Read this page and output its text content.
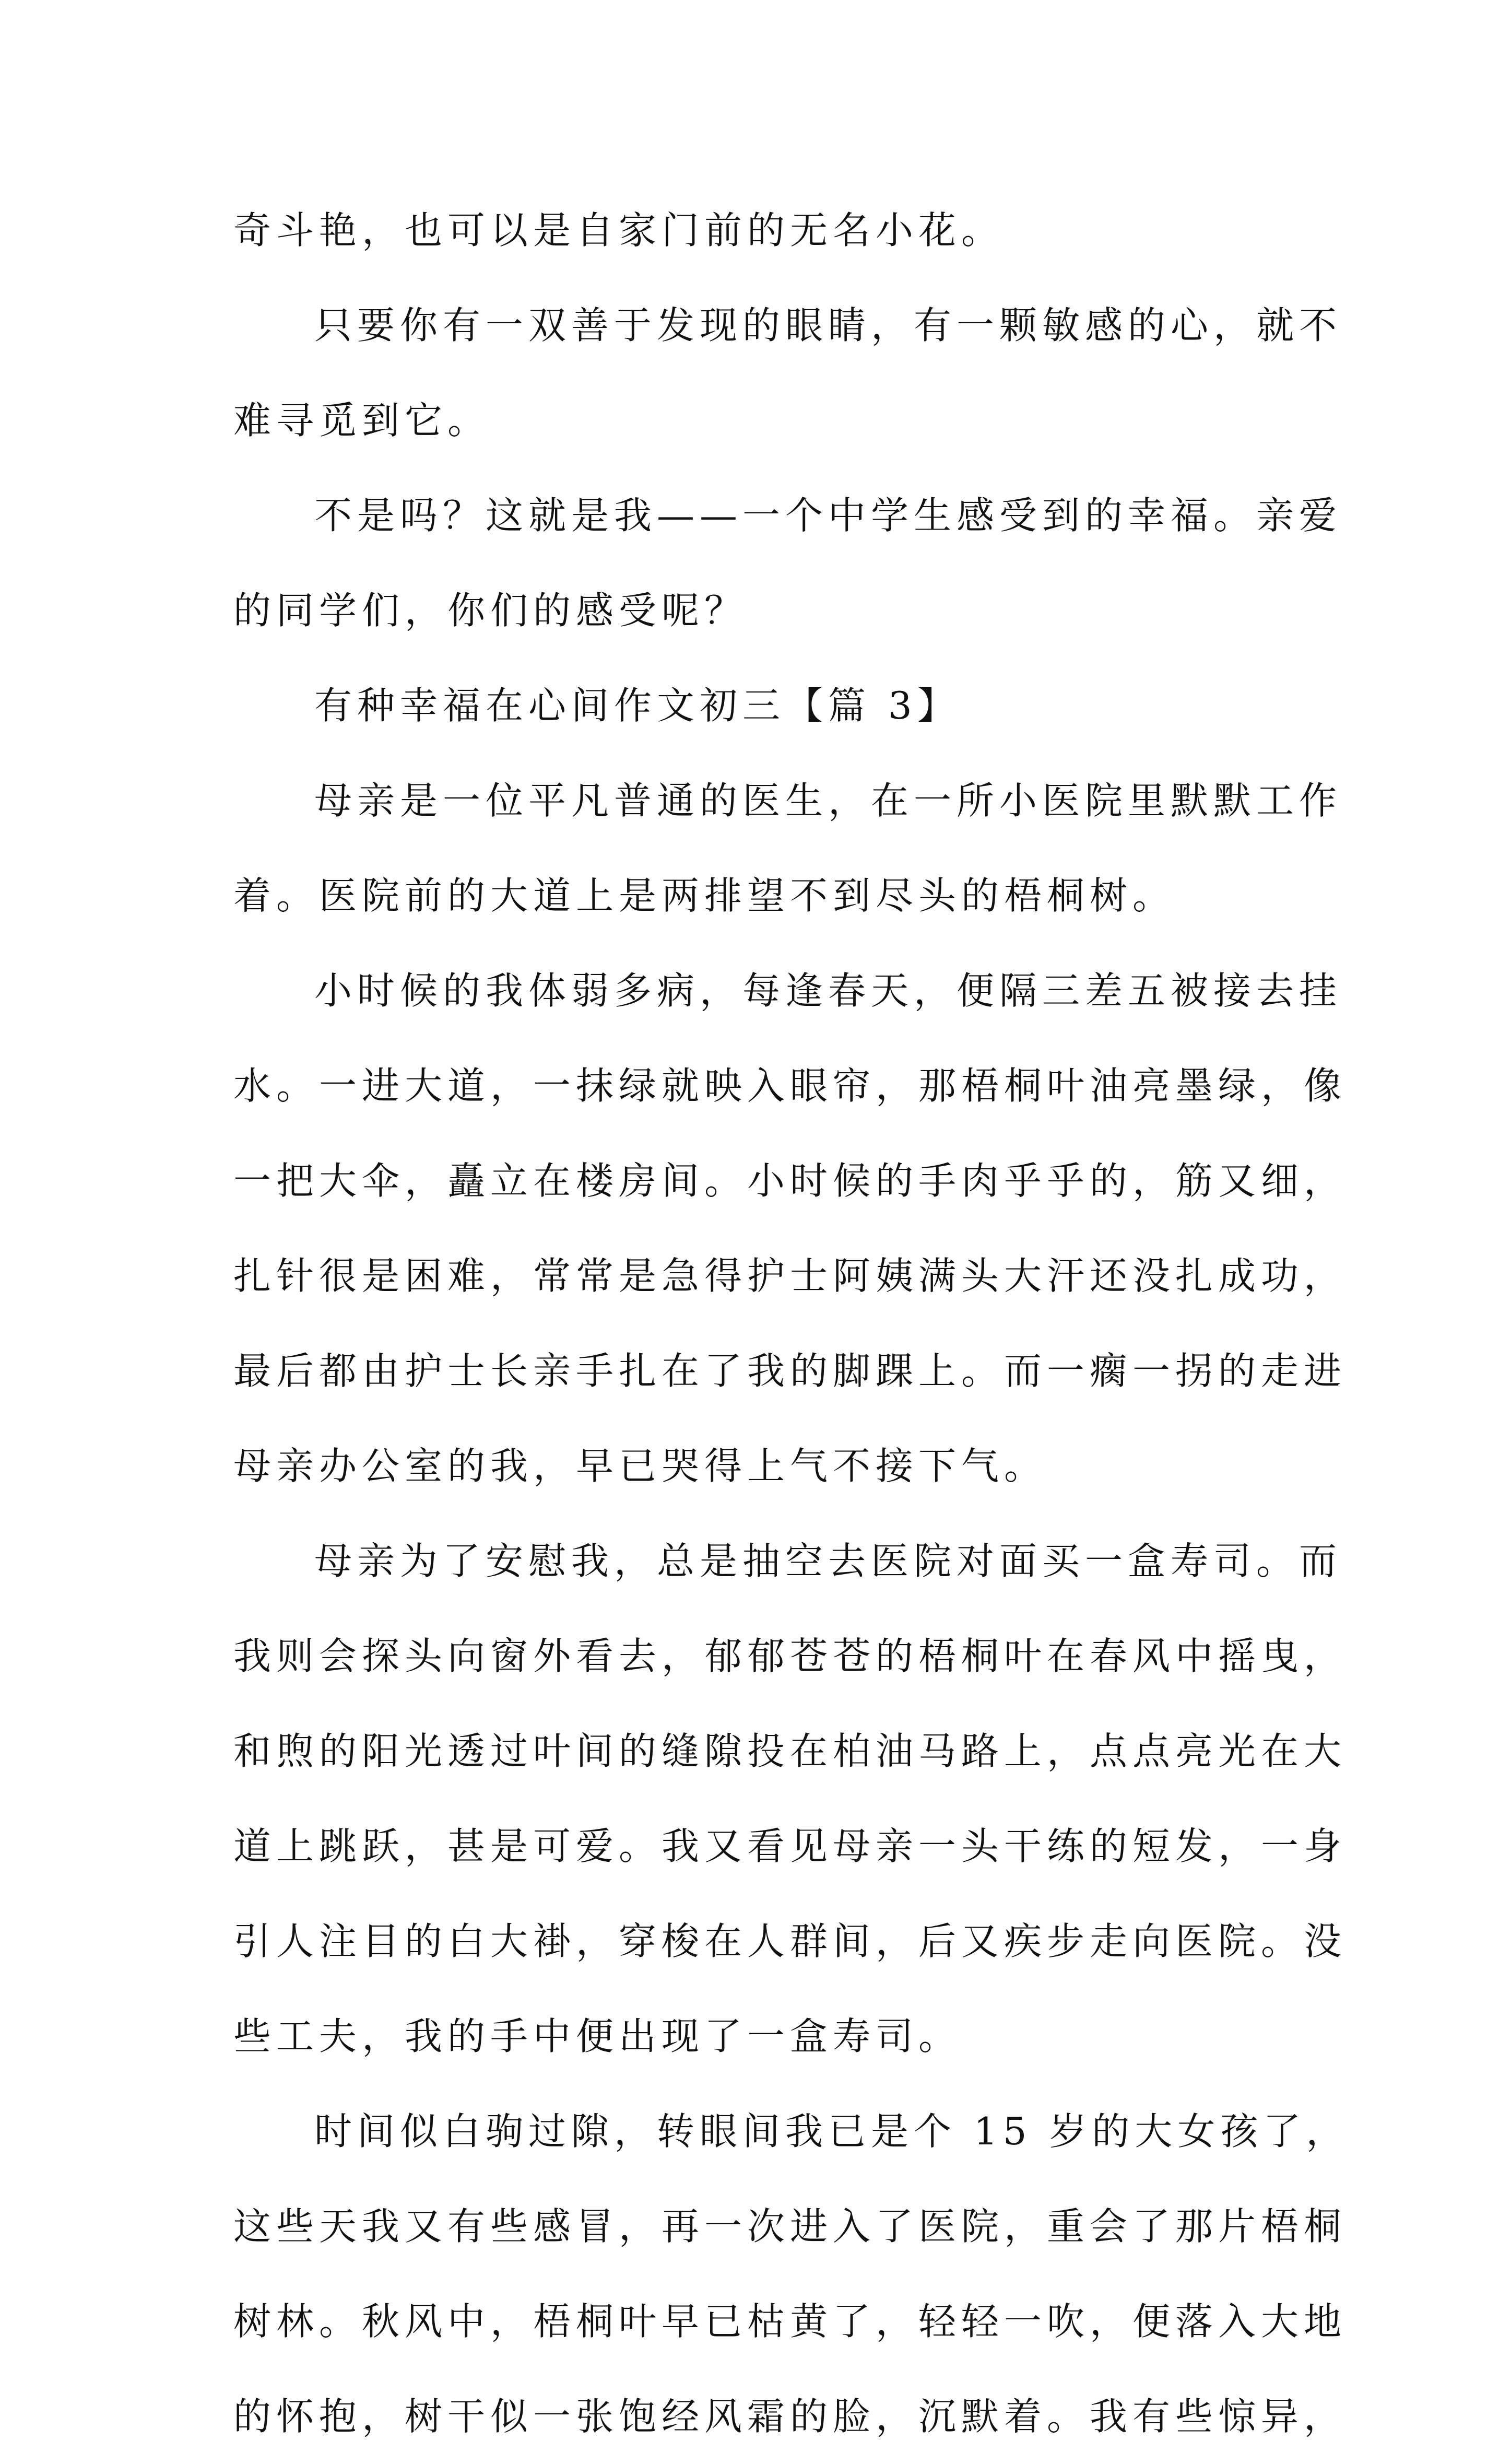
奇斗艳，也可以是自家门前的无名小花。
只要你有一双善于发现的眼睛，有一颗敏感的心，就不
难寻觅到它。
不是吗？这就是我——一个中学生感受到的幸福。亲爱
的同学们，你们的感受呢？
有种幸福在心间作文初三【篇 3】
母亲是一位平凡普通的医生，在一所小医院里默默工作
着。医院前的大道上是两排望不到尽头的梧桐树。
小时候的我体弱多病，每逢春天，便隔三差五被接去挂
水。一进大道，一抹绿就映入眼帘，那梧桐叶油亮墨绿，像
一把大伞，矗立在楼房间。小时候的手肉乎乎的，筋又细，
扎针很是困难，常常是急得护士阿姨满头大汗还没扎成功，
最后都由护士长亲手扎在了我的脚踝上。而一瘸一拐的走进
母亲办公室的我，早已哭得上气不接下气。
母亲为了安慰我，总是抽空去医院对面买一盒寿司。而
我则会探头向窗外看去，郁郁苍苍的梧桐叶在春风中摇曳，
和煦的阳光透过叶间的缝隙投在柏油马路上，点点亮光在大
道上跳跃，甚是可爱。我又看见母亲一头干练的短发，一身
引人注目的白大褂，穿梭在人群间，后又疾步走向医院。没
些工夫，我的手中便出现了一盒寿司。
时间似白驹过隙，转眼间我已是个 15 岁的大女孩了，
这些天我又有些感冒，再一次进入了医院，重会了那片梧桐
树林。秋风中，梧桐叶早已枯黄了，轻轻一吹，便落入大地
的怀抱，树干似一张饱经风霜的脸，沉默着。我有些惊异，
